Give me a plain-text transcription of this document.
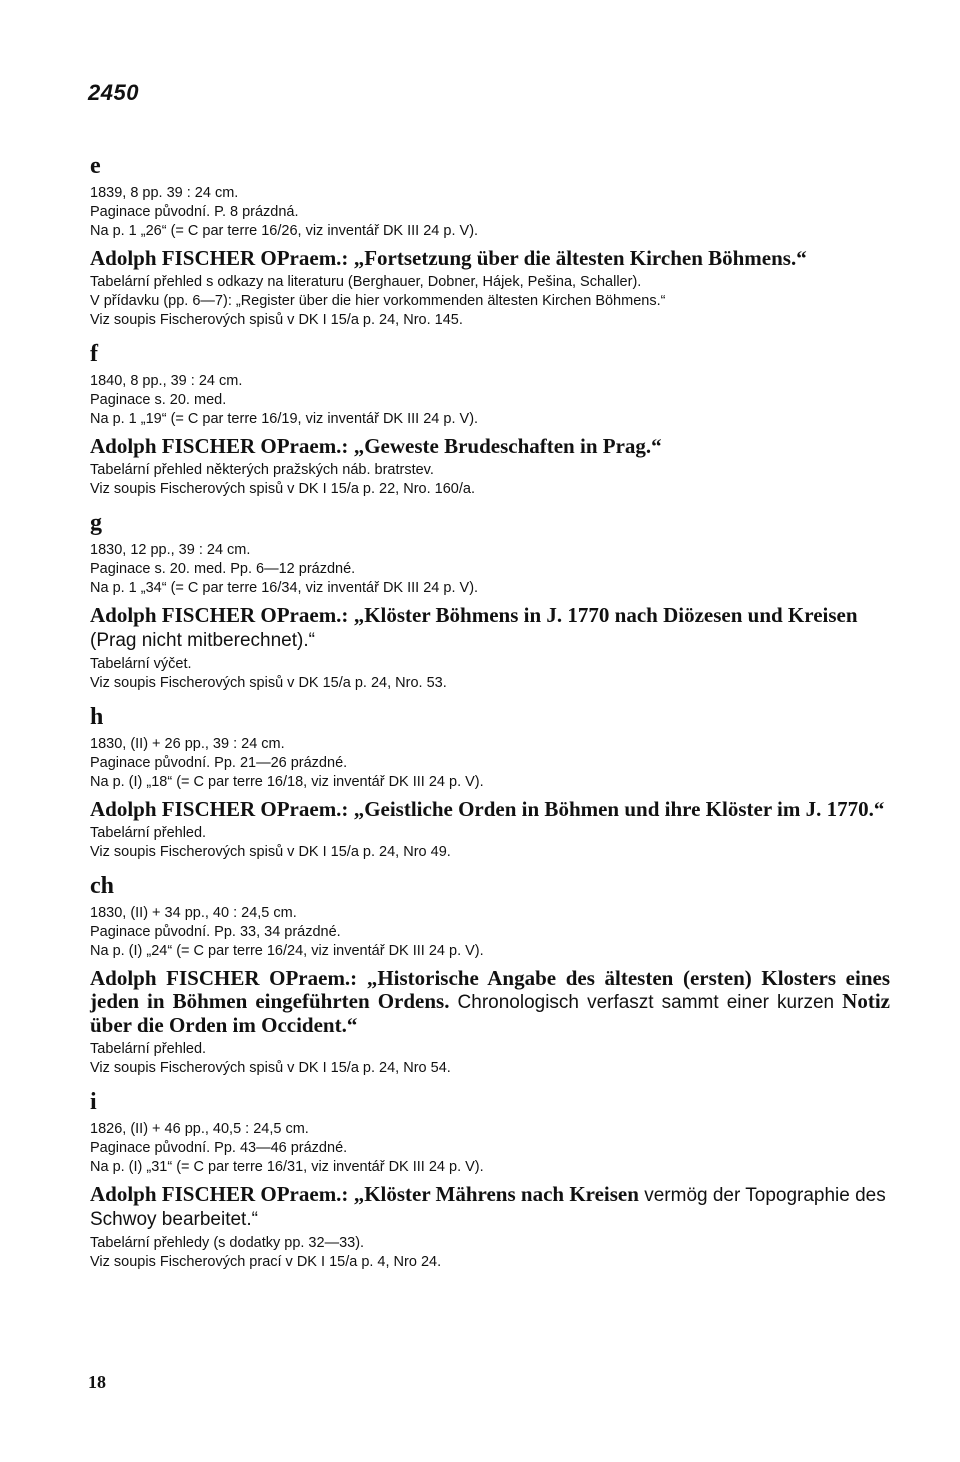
2450
e

1839, 8 pp. 39 : 24 cm.

Paginace původní. P. 8 prázdná.

Na p. 1 „26“ (= C par terre 16/26, viz inventář DK III 24 p. V).

Adolph FISCHER OPraem.: „Fortsetzung über die ältesten Kirchen Böhmens.“

Tabelární přehled s odkazy na literaturu (Berghauer, Dobner, Hájek, Pešina, Schaller).

V přídavku (pp. 6—7): „Register über die hier vorkommenden ältesten Kirchen Böhmens.“

Viz soupis Fischerových spisů v DK I 15/a p. 24, Nro. 145.

f

1840, 8 pp., 39 : 24 cm.

Paginace s. 20. med.

Na p. 1 „19“ (= C par terre 16/19, viz inventář DK III 24 p. V).

Adolph FISCHER OPraem.: „Geweste Brudeschaften in Prag.“

Tabelární přehled některých pražských náb. bratrstev.

Viz soupis Fischerových spisů v DK I 15/a p. 22, Nro. 160/a.

g

1830, 12 pp., 39 : 24 cm.

Paginace s. 20. med. Pp. 6—12 prázdné.

Na p. 1 „34“ (= C par terre 16/34, viz inventář DK III 24 p. V).

Adolph FISCHER OPraem.: „Klöster Böhmens in J. 1770 nach Diözesen und Kreisen (Prag nicht mitberechnet).“

Tabelární výčet.

Viz soupis Fischerových spisů v DK 15/a p. 24, Nro. 53.

h

1830, (II) + 26 pp., 39 : 24 cm.

Paginace původní. Pp. 21—26 prázdné.

Na p. (I) „18“ (= C par terre 16/18, viz inventář DK III 24 p. V).

Adolph FISCHER OPraem.: „Geistliche Orden in Böhmen und ihre Klöster im J. 1770.“

Tabelární přehled.

Viz soupis Fischerových spisů v DK I 15/a p. 24, Nro 49.

ch

1830, (II) + 34 pp., 40 : 24,5 cm.

Paginace původní. Pp. 33, 34 prázdné.

Na p. (I) „24“ (= C par terre 16/24, viz inventář DK III 24 p. V).

Adolph FISCHER OPraem.: „Historische Angabe des ältesten (ersten) Klosters eines jeden in Böhmen eingeführten Ordens. Chronologisch verfaszt sammt einer kurzen Notiz über die Orden im Occident.“

Tabelární přehled.

Viz soupis Fischerových spisů v DK I 15/a p. 24, Nro 54.

i

1826, (II) + 46 pp., 40,5 : 24,5 cm.

Paginace původní. Pp. 43—46 prázdné.

Na p. (I) „31“ (= C par terre 16/31, viz inventář DK III 24 p. V).

Adolph FISCHER OPraem.: „Klöster Mährens nach Kreisen vermög der Topographie des Schwoy bearbeitet.“

Tabelární přehledy (s dodatky pp. 32—33).

Viz soupis Fischerových prací v DK I 15/a p. 4, Nro 24.

18
